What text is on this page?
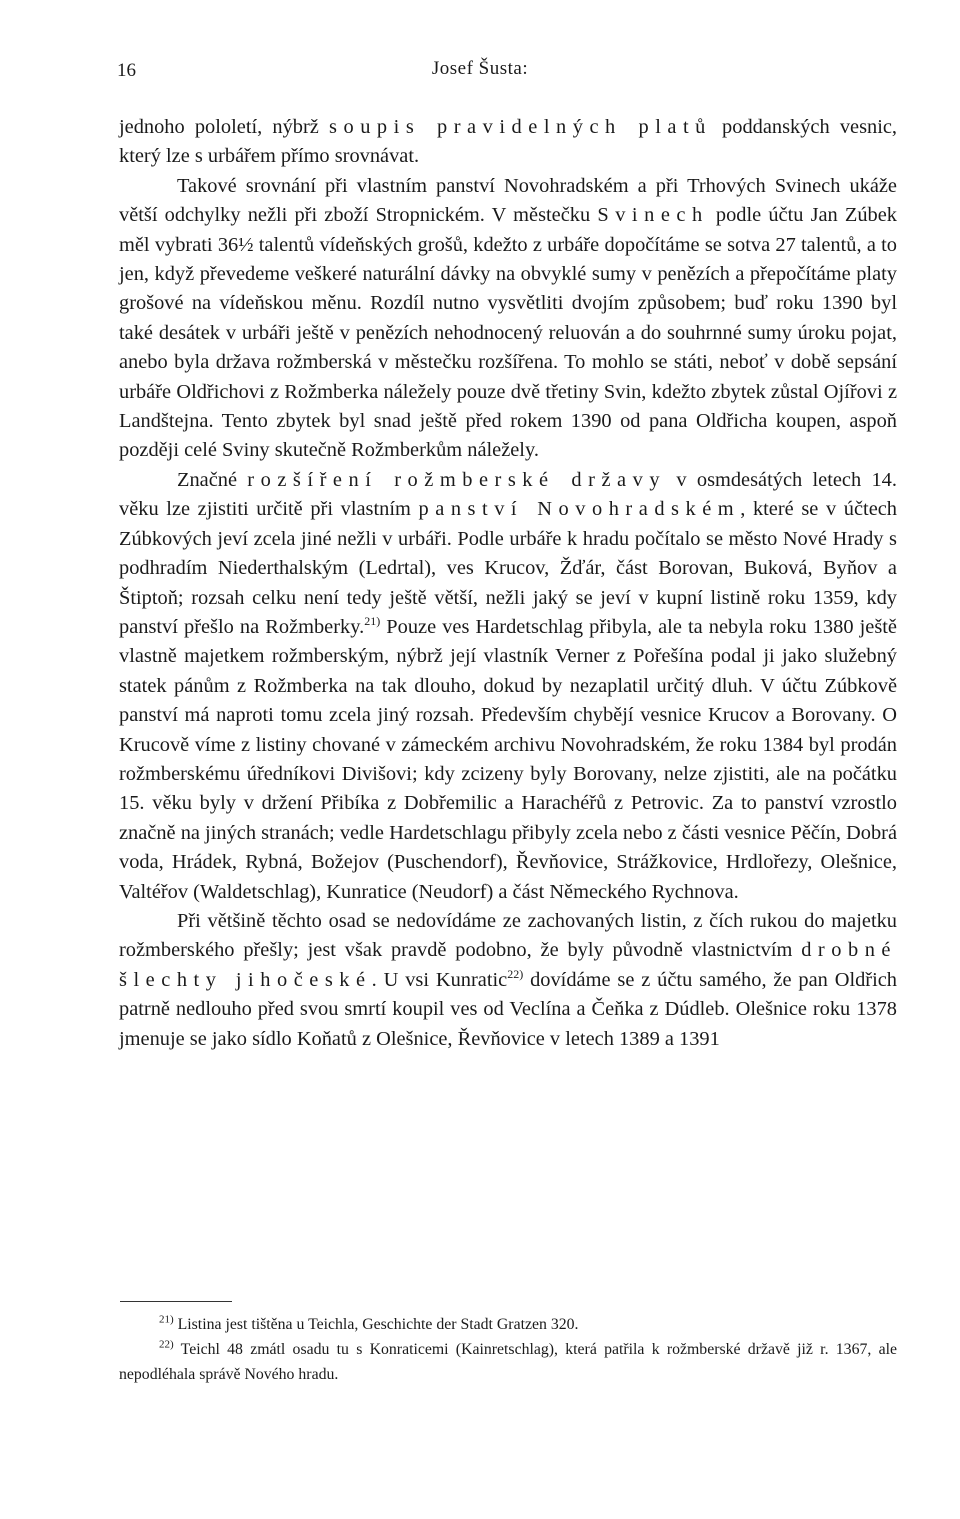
16	Josef Šusta:

jednoho pololetí, nýbrž soupis pravidelných platů poddanských vesnic, který lze s urbářem přímo srovnávat.

Takové srovnání při vlastním panství Novohradském a při Trhových Svinech ukáže větší odchylky nežli při zboží Stropnickém. V městečku Svinech podle účtu Jan Zúbek měl vybrati 36½ talentů vídeňských grošů, kdežto z urbáře dopočítáme se sotva 27 talentů, a to jen, když převedeme veškeré naturální dávky na obvyklé sumy v penězích a přepočítáme platy grošové na vídeňskou měnu. Rozdíl nutno vysvětliti dvojím způsobem; buď roku 1390 byl také desátek v urbáři ještě v penězích nehodnocený reluován a do souhrnné sumy úroku pojat, anebo byla država rožmberská v městečku rozšířena. To mohlo se státi, neboť v době sepsání urbáře Oldřichovi z Rožmberka náležely pouze dvě třetiny Svin, kdežto zbytek zůstal Ojířovi z Landštejna. Tento zbytek byl snad ještě před rokem 1390 od pana Oldřicha koupen, aspoň později celé Sviny skutečně Rožmberkům náležely.

Značné rozšíření rožmberské državy v osmdesátých letech 14. věku lze zjistiti určitě při vlastním panství Novohradském, které se v účtech Zúbkových jeví zcela jiné nežli v urbáři. Podle urbáře k hradu počítalo se město Nové Hrady s podhradím Niederthalským (Ledrtal), ves Krucov, Žďár, část Borovan, Buková, Byňov a Štiptoň; rozsah celku není tedy ještě větší, nežli jaký se jeví v kupní listině roku 1359, kdy panství přešlo na Rožmberky.$^{21)}$ Pouze ves Hardetschlag přibyla, ale ta nebyla roku 1380 ještě vlastně majetkem rožmberským, nýbrž její vlastník Verner z Pořešína podal ji jako služebný statek pánům z Rožmberka na tak dlouho, dokud by nezaplatil určitý dluh. V účtu Zúbkově panství má naproti tomu zcela jiný rozsah. Především chybějí vesnice Krucov a Borovany. O Krucově víme z listiny chované v zámeckém archivu Novohradském, že roku 1384 byl prodán rožmberskému úředníkovi Divišovi; kdy zcizeny byly Borovany, nelze zjistiti, ale na počátku 15. věku byly v držení Přibíka z Dobřemilic a Harachéřů z Petrovic. Za to panství vzrostlo značně na jiných stranách; vedle Hardetschlagu přibyly zcela nebo z části vesnice Pěčín, Dobrá voda, Hrádek, Rybná, Božejov (Puschendorf), Řevňovice, Strážkovice, Hrdlořezy, Olešnice, Valtéřov (Waldetschlag), Kunratice (Neudorf) a část Německého Rychnova.

Při většině těchto osad se nedovídáme ze zachovaných listin, z čích rukou do majetku rožmberského přešly; jest však pravdě podobno, že byly původně vlastnictvím drobné šlechty jihočeské. U vsi Kunratic$^{22)}$ dovídáme se z účtu samého, že pan Oldřich patrně nedlouho před svou smrtí koupil ves od Veclína a Čeňka z Dúdleb. Olešnice roku 1378 jmenuje se jako sídlo Koňatů z Olešnice, Řevňovice v letech 1389 a 1391

$^{21)}$ Listina jest tištěna u Teichla, Geschichte der Stadt Gratzen 320.

$^{22)}$ Teichl 48 zmátl osadu tu s Konraticemi (Kainretschlag), která patřila k rožmberské državě již r. 1367, ale nepodléhala správě Nového hradu.
